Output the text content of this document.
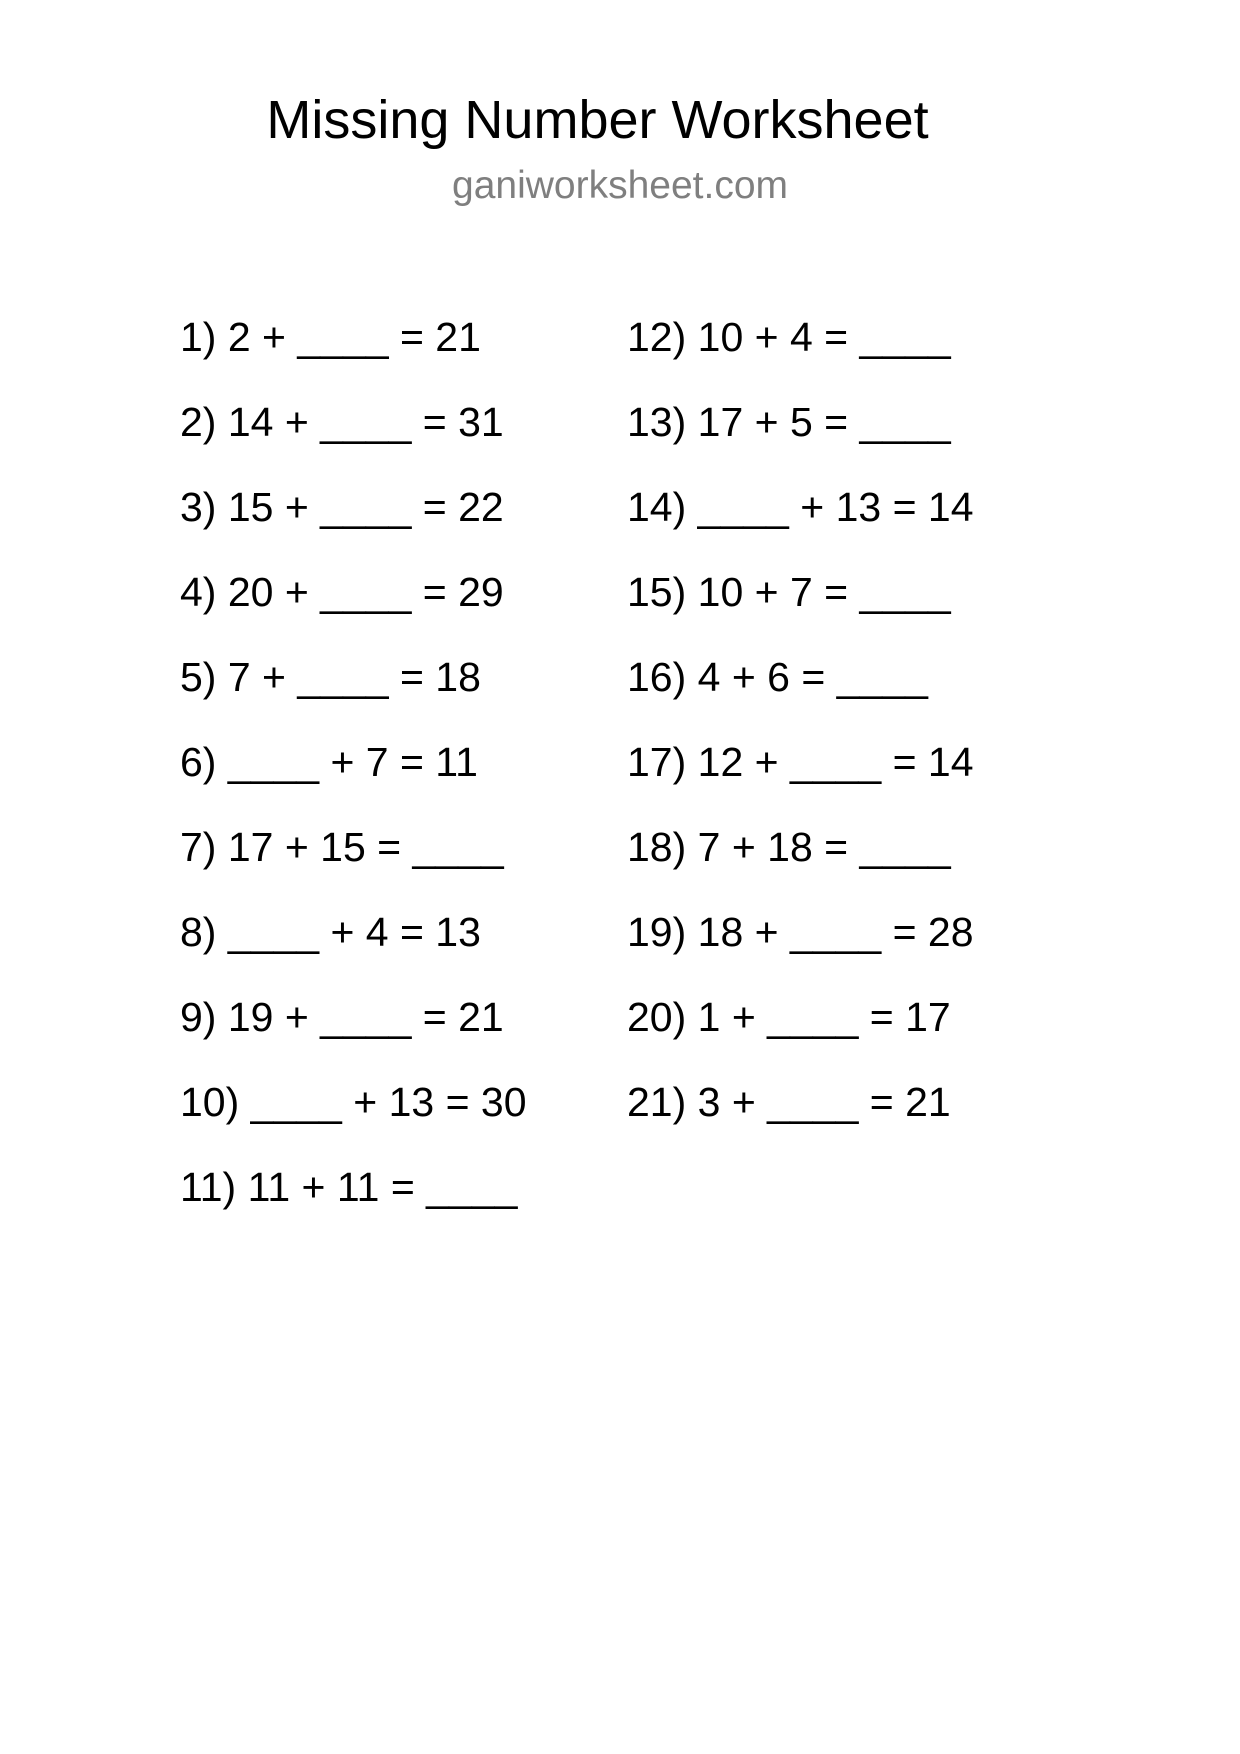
Missing Number Worksheet
ganiworksheet.com
1) 2 + ____ = 21
2) 14 + ____ = 31
3) 15 + ____ = 22
4) 20 + ____ = 29
5) 7 + ____ = 18
6) ____ + 7 = 11
7) 17 + 15 = ____
8) ____ + 4 = 13
9) 19 + ____ = 21
10) ____ + 13 = 30
11) 11 + 11 = ____
12) 10 + 4 = ____
13) 17 + 5 = ____
14) ____ + 13 = 14
15) 10 + 7 = ____
16) 4 + 6 = ____
17) 12 + ____ = 14
18) 7 + 18 = ____
19) 18 + ____ = 28
20) 1 + ____ = 17
21) 3 + ____ = 21
